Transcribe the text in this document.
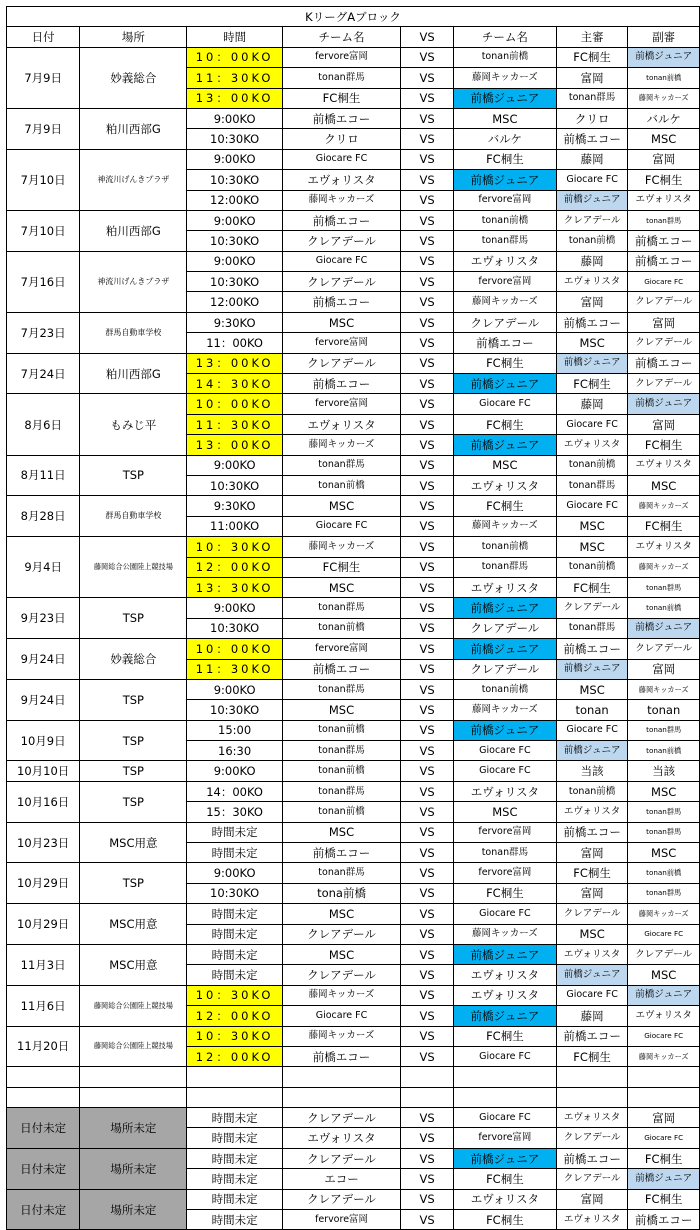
KリーグAブロック							
日付	場所	時間	チーム名	VS	チーム名	主審	副審
7月9日	妙義総合	10：00KO	fervore富岡	VS	tonan前橋	FC桐生	前橋ジュニア
		11：30KO	tonan群馬	VS	藤岡キッカーズ	富岡	tonan前橋
		13：00KO	FC桐生	VS	前橋ジュニア	tonan群馬	藤岡キッカーズ
7月9日	粕川西部G	9:00KO	前橋エコー	VS	MSC	クリロ	バルケ
		10:30KO	クリロ	VS	バルケ	前橋エコー	MSC
7月10日	神流川げんきプラザ	9:00KO	Giocare FC	VS	FC桐生	藤岡	富岡
		10:30KO	エヴォリスタ	VS	前橋ジュニア	Giocare FC	FC桐生
		12:00KO	藤岡キッカーズ	VS	fervore富岡	前橋ジュニア	エヴォリスタ
7月10日	粕川西部G	9:00KO	前橋エコー	VS	tonan前橋	クレアデール	tonan群馬
		10:30KO	クレアデール	VS	tonan群馬	tonan前橋	前橋エコー
7月16日	神流川げんきプラザ	9:00KO	Giocare FC	VS	エヴォリスタ	藤岡	前橋エコー
		10:30KO	クレアデール	VS	fervore富岡	エヴォリスタ	Giocare FC
		12:00KO	前橋エコー	VS	藤岡キッカーズ	富岡	クレアデール
7月23日	群馬自動車学校	9:30KO	MSC	VS	クレアデール	前橋エコー	富岡
		11：00KO	fervore富岡	VS	前橋エコー	MSC	クレアデール
7月24日	粕川西部G	13：00KO	クレアデール	VS	FC桐生	前橋ジュニア	前橋エコー
		14：30KO	前橋エコー	VS	前橋ジュニア	FC桐生	クレアデール
8月6日	もみじ平	10：00KO	fervore富岡	VS	Giocare FC	藤岡	前橋ジュニア
		11：30KO	エヴォリスタ	VS	FC桐生	Giocare FC	富岡
		13：00KO	藤岡キッカーズ	VS	前橋ジュニア	エヴォリスタ	FC桐生
8月11日	TSP	9:00KO	tonan群馬	VS	MSC	tonan前橋	エヴォリスタ
		10:30KO	tonan前橋	VS	エヴォリスタ	tonan群馬	MSC
8月28日	群馬自動車学校	9:30KO	MSC	VS	FC桐生	Giocare FC	藤岡キッカーズ
		11:00KO	Giocare FC	VS	藤岡キッカーズ	MSC	FC桐生
9月4日	藤岡総合公園陸上競技場	10：30KO	藤岡キッカーズ	VS	tonan前橋	MSC	エヴォリスタ
		12：00KO	FC桐生	VS	tonan群馬	tonan前橋	藤岡キッカーズ
		13：30KO	MSC	VS	エヴォリスタ	FC桐生	tonan群馬
9月23日	TSP	9:00KO	tonan群馬	VS	前橋ジュニア	クレアデール	tonan前橋
		10:30KO	tonan前橋	VS	クレアデール	tonan群馬	前橋ジュニア
9月24日	妙義総合	10：00KO	fervore富岡	VS	前橋ジュニア	前橋エコー	クレアデール
		11：30KO	前橋エコー	VS	クレアデール	前橋ジュニア	富岡
9月24日	TSP	9:00KO	tonan群馬	VS	tonan前橋	MSC	藤岡キッカーズ
		10:30KO	MSC	VS	藤岡キッカーズ	tonan	tonan
10月9日	TSP	15:00	tonan前橋	VS	前橋ジュニア	Giocare FC	tonan群馬
		16:30	tonan群馬	VS	Giocare FC	前橋ジュニア	tonan前橋
10月10日	TSP	9:00KO	tonan前橋	VS	Giocare FC	当該	当該
10月16日	TSP	14：00KO	tonan群馬	VS	エヴォリスタ	tonan前橋	MSC
		15：30KO	tonan前橋	VS	MSC	エヴォリスタ	tonan群馬
10月23日	MSC用意	時間未定	MSC	VS	fervore富岡	前橋エコー	tonan群馬
		時間未定	前橋エコー	VS	tonan群馬	富岡	MSC
10月29日	TSP	9:00KO	tonan群馬	VS	fervore富岡	FC桐生	tonan前橋
		10:30KO	tona前橋	VS	FC桐生	富岡	tonan群馬
10月29日	MSC用意	時間未定	MSC	VS	Giocare FC	クレアデール	藤岡キッカーズ
		時間未定	クレアデール	VS	藤岡キッカーズ	MSC	Giocare FC
11月3日	MSC用意	時間未定	MSC	VS	前橋ジュニア	エヴォリスタ	クレアデール
		時間未定	クレアデール	VS	エヴォリスタ	前橋ジュニア	MSC
11月6日	藤岡総合公園陸上競技場	10：30KO	藤岡キッカーズ	VS	エヴォリスタ	Giocare FC	前橋ジュニア
		12：00KO	Giocare FC	VS	前橋ジュニア	藤岡	エヴォリスタ
11月20日	藤岡総合公園陸上競技場	10：30KO	藤岡キッカーズ	VS	FC桐生	前橋エコー	Giocare FC
		12：00KO	前橋エコー	VS	Giocare FC	FC桐生	藤岡キッカーズ

日付未定	場所未定	時間未定	クレアデール	VS	Giocare FC	エヴォリスタ	富岡
		時間未定	エヴォリスタ	VS	fervore富岡	クレアデール	Giocare FC
日付未定	場所未定	時間未定	クレアデール	VS	前橋ジュニア	前橋エコー	FC桐生
		時間未定	エコー	VS	FC桐生	クレアデール	前橋ジュニア
日付未定	場所未定	時間未定	クレアデール	VS	エヴォリスタ	富岡	FC桐生
		時間未定	fervore富岡	VS	FC桐生	エヴォリスタ	前橋エコー
